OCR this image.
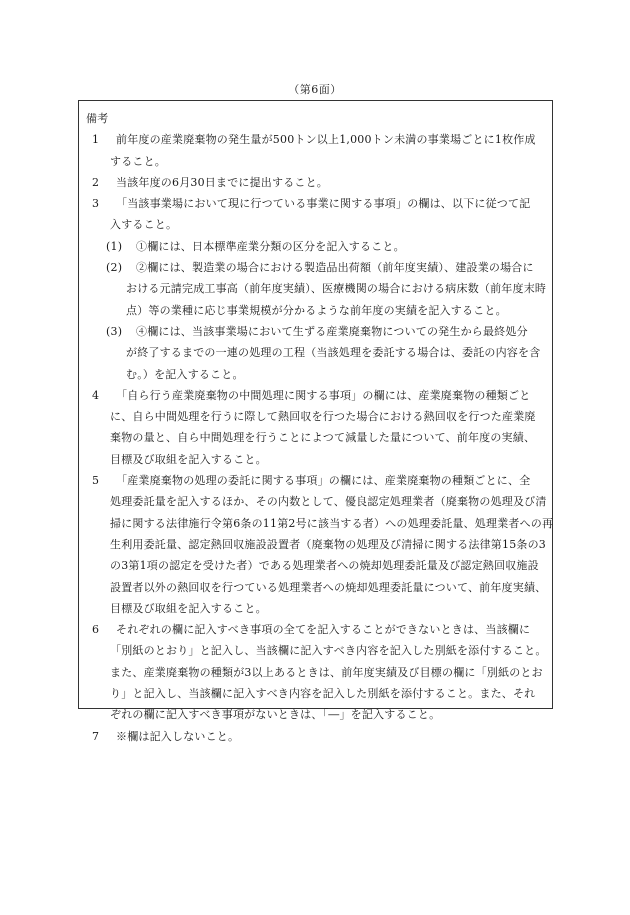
（第6面）
備考
1	前年度の産業廃棄物の発生量が500トン以上1,000トン未満の事業場ごとに1枚作成
すること。
2	当該年度の6月30日までに提出すること。
3	「当該事業場において現に行つている事業に関する事項」の欄は、以下に従つて記
入すること。
(1)	①欄には、日本標準産業分類の区分を記入すること。
(2)	②欄には、製造業の場合における製造品出荷額（前年度実績）、建設業の場合に
おける元請完成工事高（前年度実績）、医療機関の場合における病床数（前年度末時
点）等の業種に応じ事業規模が分かるような前年度の実績を記入すること。
(3)	④欄には、当該事業場において生ずる産業廃棄物についての発生から最終処分
が終了するまでの一連の処理の工程（当該処理を委託する場合は、委託の内容を含
む。）を記入すること。
4	「自ら行う産業廃棄物の中間処理に関する事項」の欄には、産業廃棄物の種類ごと
に、自ら中間処理を行うに際して熱回収を行つた場合における熱回収を行つた産業廃
棄物の量と、自ら中間処理を行うことによつて減量した量について、前年度の実績、
目標及び取組を記入すること。
5	「産業廃棄物の処理の委託に関する事項」の欄には、産業廃棄物の種類ごとに、全
処理委託量を記入するほか、その内数として、優良認定処理業者（廃棄物の処理及び清
掃に関する法律施行令第6条の11第2号に該当する者）への処理委託量、処理業者への再
生利用委託量、認定熱回収施設設置者（廃棄物の処理及び清掃に関する法律第15条の3
の3第1項の認定を受けた者）である処理業者への焼却処理委託量及び認定熱回収施設
設置者以外の熱回収を行つている処理業者への焼却処理委託量について、前年度実績、
目標及び取組を記入すること。
6	それぞれの欄に記入すべき事項の全てを記入することができないときは、当該欄に
「別紙のとおり」と記入し、当該欄に記入すべき内容を記入した別紙を添付すること。
また、産業廃棄物の種類が3以上あるときは、前年度実績及び目標の欄に「別紙のとお
り」と記入し、当該欄に記入すべき内容を記入した別紙を添付すること。また、それ
ぞれの欄に記入すべき事項がないときは、「―」を記入すること。
7	※欄は記入しないこと。
